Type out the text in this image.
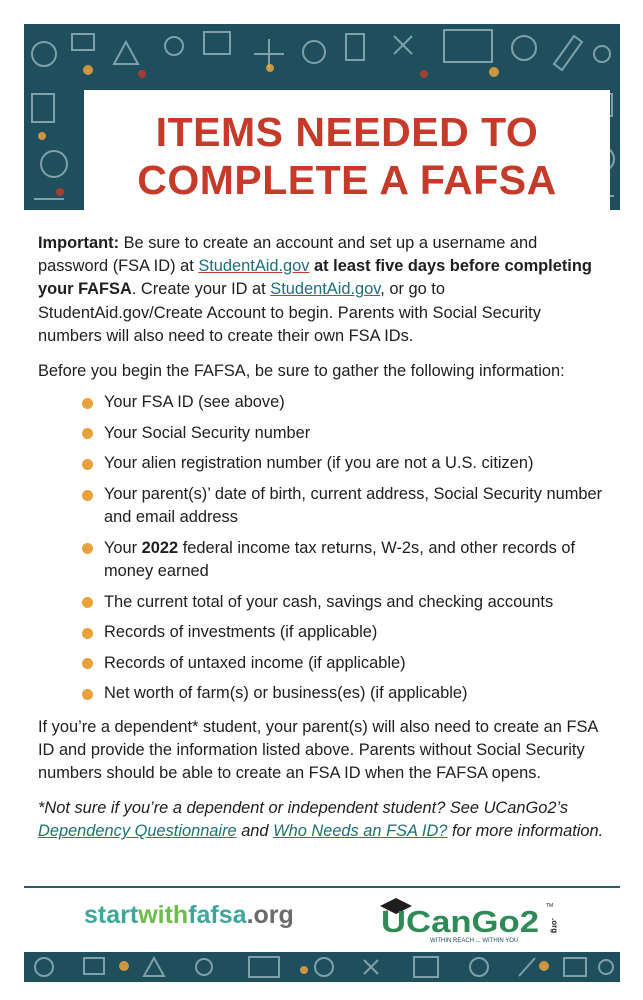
ITEMS NEEDED TO
COMPLETE A FAFSA

Important: Be sure to create an account and set up a username and password (FSA ID) at StudentAid.gov at least five days before completing your FAFSA. Create your ID at StudentAid.gov, or go to StudentAid.gov/Create Account to begin. Parents with Social Security numbers will also need to create their own FSA IDs.

Before you begin the FAFSA, be sure to gather the following information:

Your FSA ID (see above)
Your Social Security number
Your alien registration number (if you are not a U.S. citizen)
Your parent(s)’ date of birth, current address, Social Security number and email address
Your 2022 federal income tax returns, W-2s, and other records of money earned
The current total of your cash, savings and checking accounts
Records of investments (if applicable)
Records of untaxed income (if applicable)
Net worth of farm(s) or business(es) (if applicable)

If you’re a dependent* student, your parent(s) will also need to create an FSA ID and provide the information listed above. Parents without Social Security numbers should be able to create an FSA ID when the FAFSA opens.

*Not sure if you’re a dependent or independent student? See UCanGo2’s Dependency Questionnaire and Who Needs an FSA ID? for more information.

startwithfafsa.org	UCanGo2 .org
TM
WITHIN REACH ... WITHIN YOU
